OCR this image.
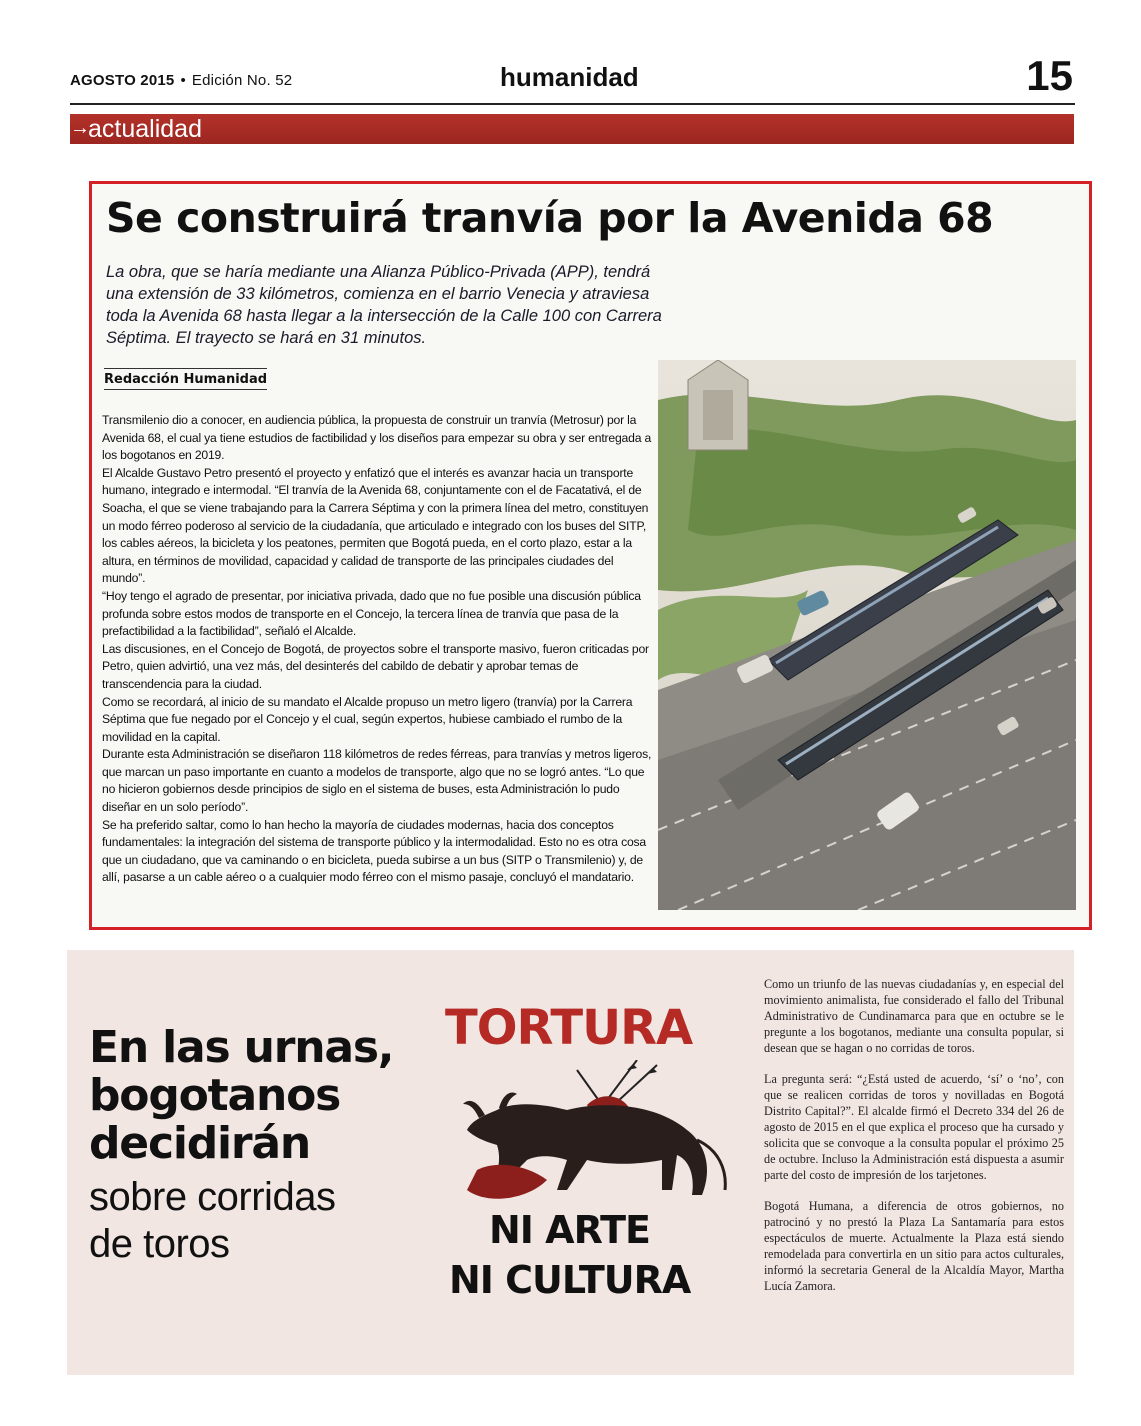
AGOSTO 2015 • Edición No. 52	humanidad	15
→
actualidad
Se construirá tranvía por la Avenida 68
La obra, que se haría mediante una Alianza Público-Privada (APP), tendrá una extensión de 33 kilómetros, comienza en el barrio Venecia y atraviesa toda la Avenida 68 hasta llegar a la intersección de la Calle 100 con Carrera Séptima. El trayecto se hará en 31 minutos.
Redacción Humanidad

Transmilenio dio a conocer, en audiencia pública, la propuesta de construir un tranvía (Metrosur) por la Avenida 68, el cual ya tiene estudios de factibilidad y los diseños para empezar su obra y ser entregada a los bogotanos en 2019.

El Alcalde Gustavo Petro presentó el proyecto y enfatizó que el interés es avanzar hacia un transporte humano, integrado e intermodal. “El tranvía de la Avenida 68, conjuntamente con el de Facatativá, el de Soacha, el que se viene trabajando para la Carrera Séptima y con la primera línea del metro, constituyen un modo férreo poderoso al servicio de la ciudadanía, que articulado e integrado con los buses del SITP, los cables aéreos, la bicicleta y los peatones, permiten que Bogotá pueda, en el corto plazo, estar a la altura, en términos de movilidad, capacidad y calidad de transporte de las principales ciudades del mundo”.

“Hoy tengo el agrado de presentar, por iniciativa privada, dado que no fue posible una discusión pública profunda sobre estos modos de transporte en el Concejo, la tercera línea de tranvía que pasa de la prefactibilidad a la factibilidad”, señaló el Alcalde.

Las discusiones, en el Concejo de Bogotá, de proyectos sobre el transporte masivo, fueron criticadas por Petro, quien advirtió, una vez más, del desinterés del cabildo de debatir y aprobar temas de transcendencia para la ciudad.

Como se recordará, al inicio de su mandato el Alcalde propuso un metro ligero (tranvía) por la Carrera Séptima que fue negado por el Concejo y el cual, según expertos, hubiese cambiado el rumbo de la movilidad en la capital.

Durante esta Administración se diseñaron 118 kilómetros de redes férreas, para tranvías y metros ligeros, que marcan un paso importante en cuanto a modelos de transporte, algo que no se logró antes. “Lo que no hicieron gobiernos desde principios de siglo en el sistema de buses, esta Administración lo pudo diseñar en un solo período”.

Se ha preferido saltar, como lo han hecho la mayoría de ciudades modernas, hacia dos conceptos fundamentales: la integración del sistema de transporte público y la intermodalidad. Esto no es otra cosa que un ciudadano, que va caminando o en bicicleta, pueda subirse a un bus (SITP o Transmilenio) y, de allí, pasarse a un cable aéreo o a cualquier modo férreo con el mismo pasaje, concluyó el mandatario.

En las urnas,
bogotanos
decidirán
sobre corridas
de toros
TORTURA
NI ARTE
NI CULTURA

Como un triunfo de las nuevas ciudadanías y, en especial del movimiento animalista, fue considerado el fallo del Tribunal Administrativo de Cundinamarca para que en octubre se le pregunte a los bogotanos, mediante una consulta popular, si desean que se hagan o no corridas de toros.

La pregunta será: “¿Está usted de acuerdo, ‘sí’ o ‘no’, con que se realicen corridas de toros y novilladas en Bogotá Distrito Capital?”. El alcalde firmó el Decreto 334 del 26 de agosto de 2015 en el que explica el proceso que ha cursado y solicita que se convoque a la consulta popular el próximo 25 de octubre. Incluso la Administración está dispuesta a asumir parte del costo de impresión de los tarjetones.

Bogotá Humana, a diferencia de otros gobiernos, no patrocinó y no prestó la Plaza La Santamaría para estos espectáculos de muerte. Actualmente la Plaza está siendo remodelada para convertirla en un sitio para actos culturales, informó la secretaria General de la Alcaldía Mayor, Martha Lucía Zamora.
